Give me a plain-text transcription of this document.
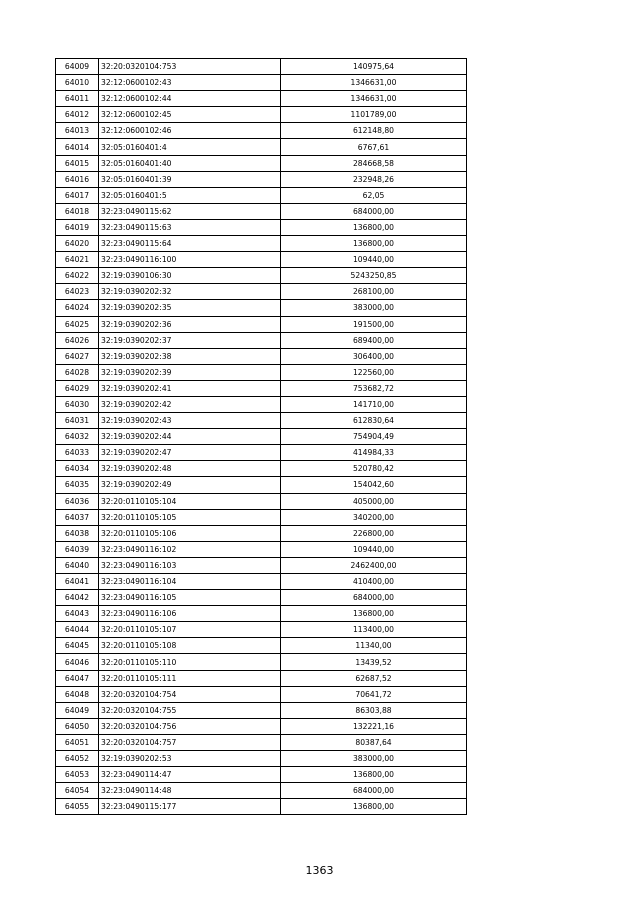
64009	32:20:0320104:753	140975,64
64010	32:12:0600102:43	1346631,00
64011	32:12:0600102:44	1346631,00
64012	32:12:0600102:45	1101789,00
64013	32:12:0600102:46	612148,80
64014	32:05:0160401:4	6767,61
64015	32:05:0160401:40	284668,58
64016	32:05:0160401:39	232948,26
64017	32:05:0160401:5	62,05
64018	32:23:0490115:62	684000,00
64019	32:23:0490115:63	136800,00
64020	32:23:0490115:64	136800,00
64021	32:23:0490116:100	109440,00
64022	32:19:0390106:30	5243250,85
64023	32:19:0390202:32	268100,00
64024	32:19:0390202:35	383000,00
64025	32:19:0390202:36	191500,00
64026	32:19:0390202:37	689400,00
64027	32:19:0390202:38	306400,00
64028	32:19:0390202:39	122560,00
64029	32:19:0390202:41	753682,72
64030	32:19:0390202:42	141710,00
64031	32:19:0390202:43	612830,64
64032	32:19:0390202:44	754904,49
64033	32:19:0390202:47	414984,33
64034	32:19:0390202:48	520780,42
64035	32:19:0390202:49	154042,60
64036	32:20:0110105:104	405000,00
64037	32:20:0110105:105	340200,00
64038	32:20:0110105:106	226800,00
64039	32:23:0490116:102	109440,00
64040	32:23:0490116:103	2462400,00
64041	32:23:0490116:104	410400,00
64042	32:23:0490116:105	684000,00
64043	32:23:0490116:106	136800,00
64044	32:20:0110105:107	113400,00
64045	32:20:0110105:108	11340,00
64046	32:20:0110105:110	13439,52
64047	32:20:0110105:111	62687,52
64048	32:20:0320104:754	70641,72
64049	32:20:0320104:755	86303,88
64050	32:20:0320104:756	132221,16
64051	32:20:0320104:757	80387,64
64052	32:19:0390202:53	383000,00
64053	32:23:0490114:47	136800,00
64054	32:23:0490114:48	684000,00
64055	32:23:0490115:177	136800,00
1363
